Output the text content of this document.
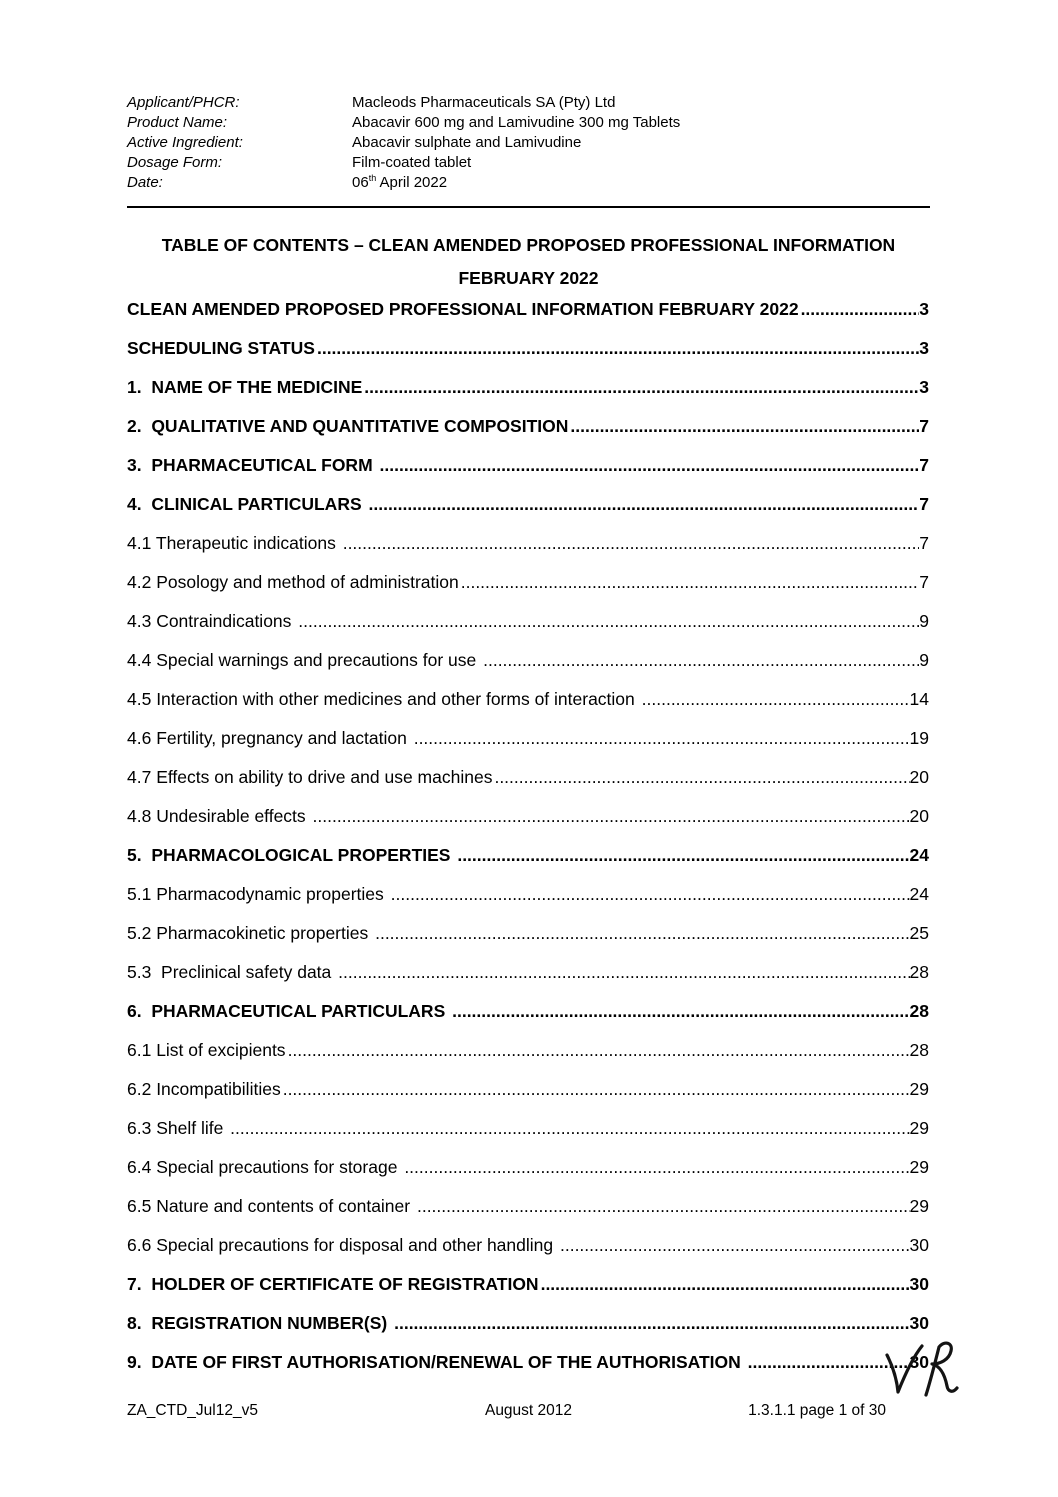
Applicant/PHCR:	Macleods Pharmaceuticals SA (Pty) Ltd
Product Name:	Abacavir 600 mg and Lamivudine 300 mg Tablets
Active Ingredient:	Abacavir sulphate and Lamivudine
Dosage Form:	Film-coated tablet
Date:	06th April 2022
TABLE OF CONTENTS – CLEAN AMENDED PROPOSED PROFESSIONAL INFORMATION
FEBRUARY 2022
CLEAN AMENDED PROPOSED PROFESSIONAL INFORMATION FEBRUARY 2022 .....	3
SCHEDULING STATUS .....	3
1.  NAME OF THE MEDICINE .....	3
2.  QUALITATIVE AND QUANTITATIVE COMPOSITION .....	7
3.  PHARMACEUTICAL FORM .....	7
4.  CLINICAL PARTICULARS .....	7
4.1 Therapeutic indications .....	7
4.2 Posology and method of administration .....	7
4.3 Contraindications .....	9
4.4 Special warnings and precautions for use .....	9
4.5 Interaction with other medicines and other forms of interaction .....	14
4.6 Fertility, pregnancy and lactation .....	19
4.7 Effects on ability to drive and use machines .....	20
4.8 Undesirable effects .....	20
5.  PHARMACOLOGICAL PROPERTIES .....	24
5.1 Pharmacodynamic properties .....	24
5.2 Pharmacokinetic properties .....	25
5.3  Preclinical safety data .....	28
6.  PHARMACEUTICAL PARTICULARS .....	28
6.1 List of excipients .....	28
6.2 Incompatibilities .....	29
6.3 Shelf life .....	29
6.4 Special precautions for storage .....	29
6.5 Nature and contents of container .....	29
6.6 Special precautions for disposal and other handling .....	30
7.  HOLDER OF CERTIFICATE OF REGISTRATION .....	30
8.  REGISTRATION NUMBER(S) .....	30
9.  DATE OF FIRST AUTHORISATION/RENEWAL OF THE AUTHORISATION .....	30
ZA_CTD_Jul12_v5	August 2012	1.3.1.1 page 1 of 30
